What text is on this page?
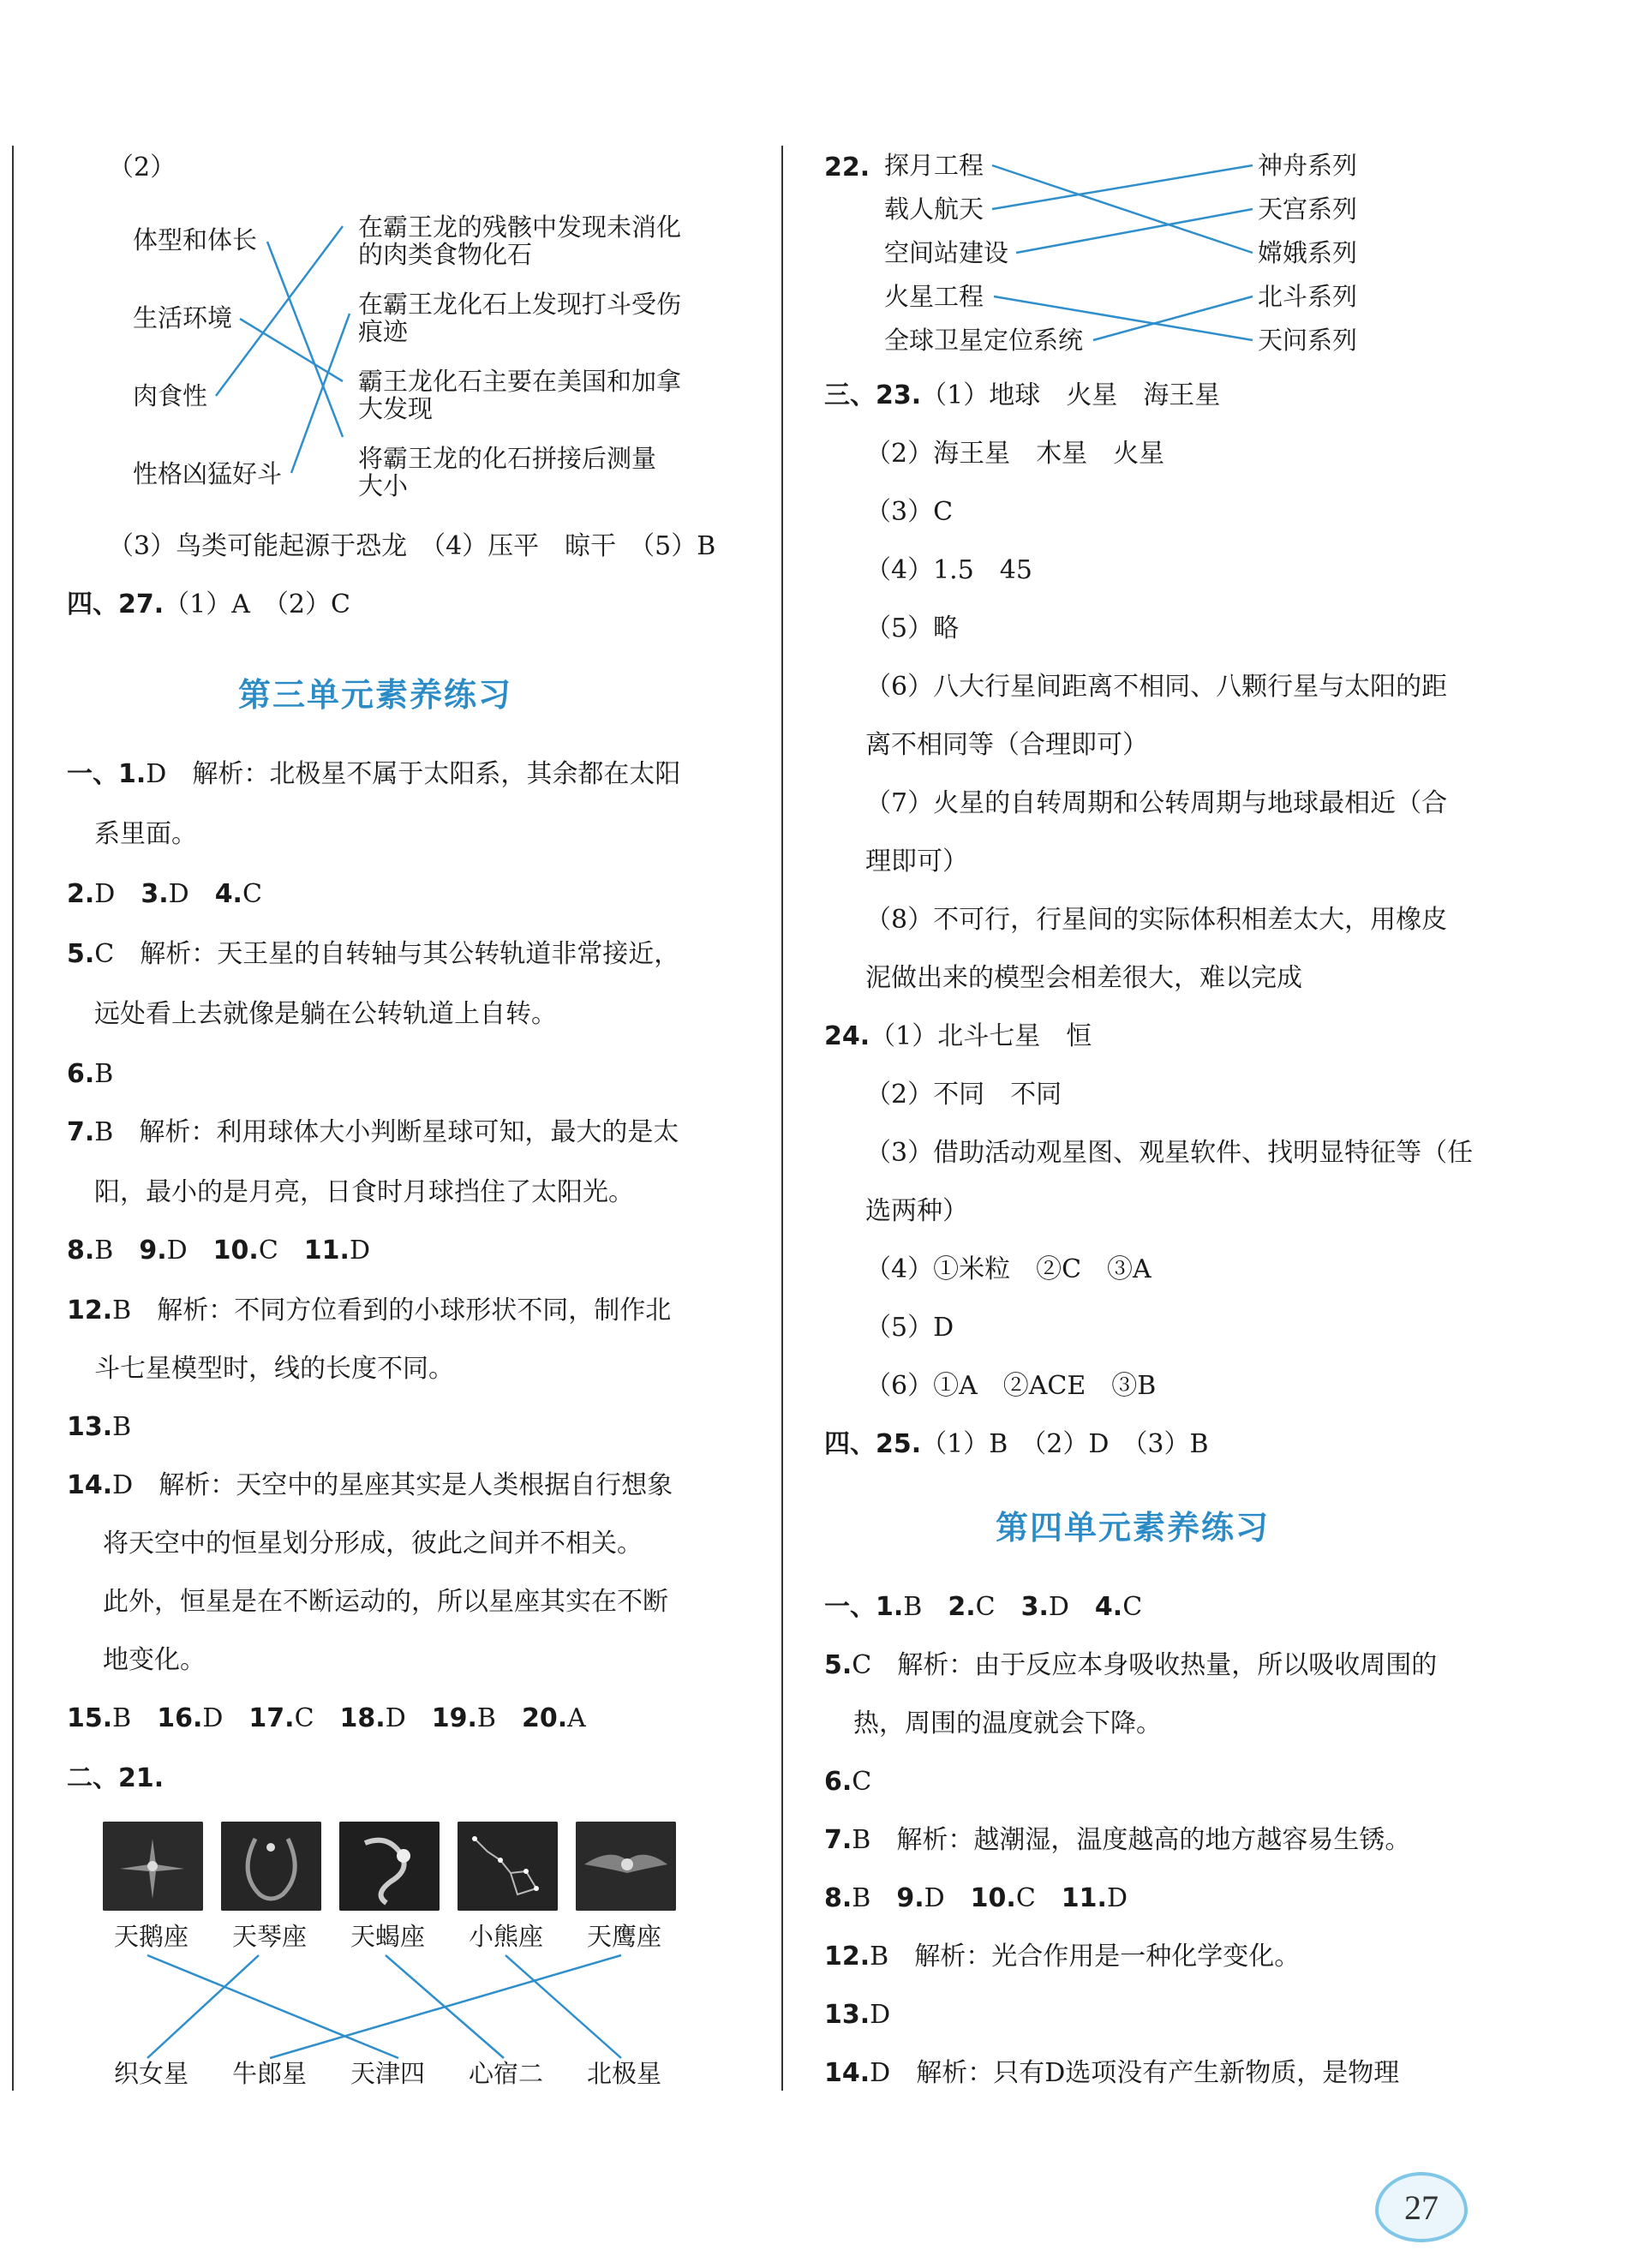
（2）
体型和体长
生活环境
肉食性
性格凶猛好斗
在霸王龙的残骸中发现未消化
的肉类食物化石
在霸王龙化石上发现打斗受伤
痕迹
霸王龙化石主要在美国和加拿
大发现
将霸王龙的化石拼接后测量
大小
（3）鸟类可能起源于恐龙　（4）压平　晾干　（5）B
四、27.（1）A　（2）C
第三单元素养练习
一、1.D　解析：北极星不属于太阳系，其余都在太阳
系里面。
2.D　 3.D　 4.C
5.C　解析：天王星的自转轴与其公转轨道非常接近，
远处看上去就像是躺在公转轨道上自转。
6.B
7.B　解析：利用球体大小判断星球可知，最大的是太
阳，最小的是月亮，日食时月球挡住了太阳光。
8.B　 9.D　 10.C　 11.D
12.B　解析：不同方位看到的小球形状不同，制作北
斗七星模型时，线的长度不同。
13.B
14.D　解析：天空中的星座其实是人类根据自行想象
将天空中的恒星划分形成，彼此之间并不相关。
此外，恒星是在不断运动的，所以星座其实在不断
地变化。
15.B　 16.D　 17.C　 18.D　 19.B　 20.A
二、21.
天鹅座 天琴座 天蝎座 小熊座 天鹰座
织女星 牛郎星 天津四 心宿二 北极星
22. 探月工程
载人航天
空间站建设
火星工程
全球卫星定位系统
神舟系列
天宫系列
嫦娥系列
北斗系列
天问系列
三、23.（1）地球　火星　海王星
（2）海王星　木星　火星
（3）C
（4）1.5　45
（5）略
（6）八大行星间距离不相同、八颗行星与太阳的距
离不相同等（合理即可）
（7）火星的自转周期和公转周期与地球最相近（合
理即可）
（8）不可行，行星间的实际体积相差太大，用橡皮
泥做出来的模型会相差很大，难以完成
24.（1）北斗七星　恒
（2）不同　不同
（3）借助活动观星图、观星软件、找明显特征等（任
选两种）
（4）①米粒　②C　③A
（5）D
（6）①A　②ACE　③B
四、25.（1）B　（2）D　（3）B
第四单元素养练习
一、1.B　 2.C　 3.D　 4.C
5.C　解析：由于反应本身吸收热量，所以吸收周围的
热，周围的温度就会下降。
6.C
7.B　解析：越潮湿，温度越高的地方越容易生锈。
8.B　 9.D　 10.C　 11.D
12.B　解析：光合作用是一种化学变化。
13.D
14.D　解析：只有D选项没有产生新物质，是物理
27
